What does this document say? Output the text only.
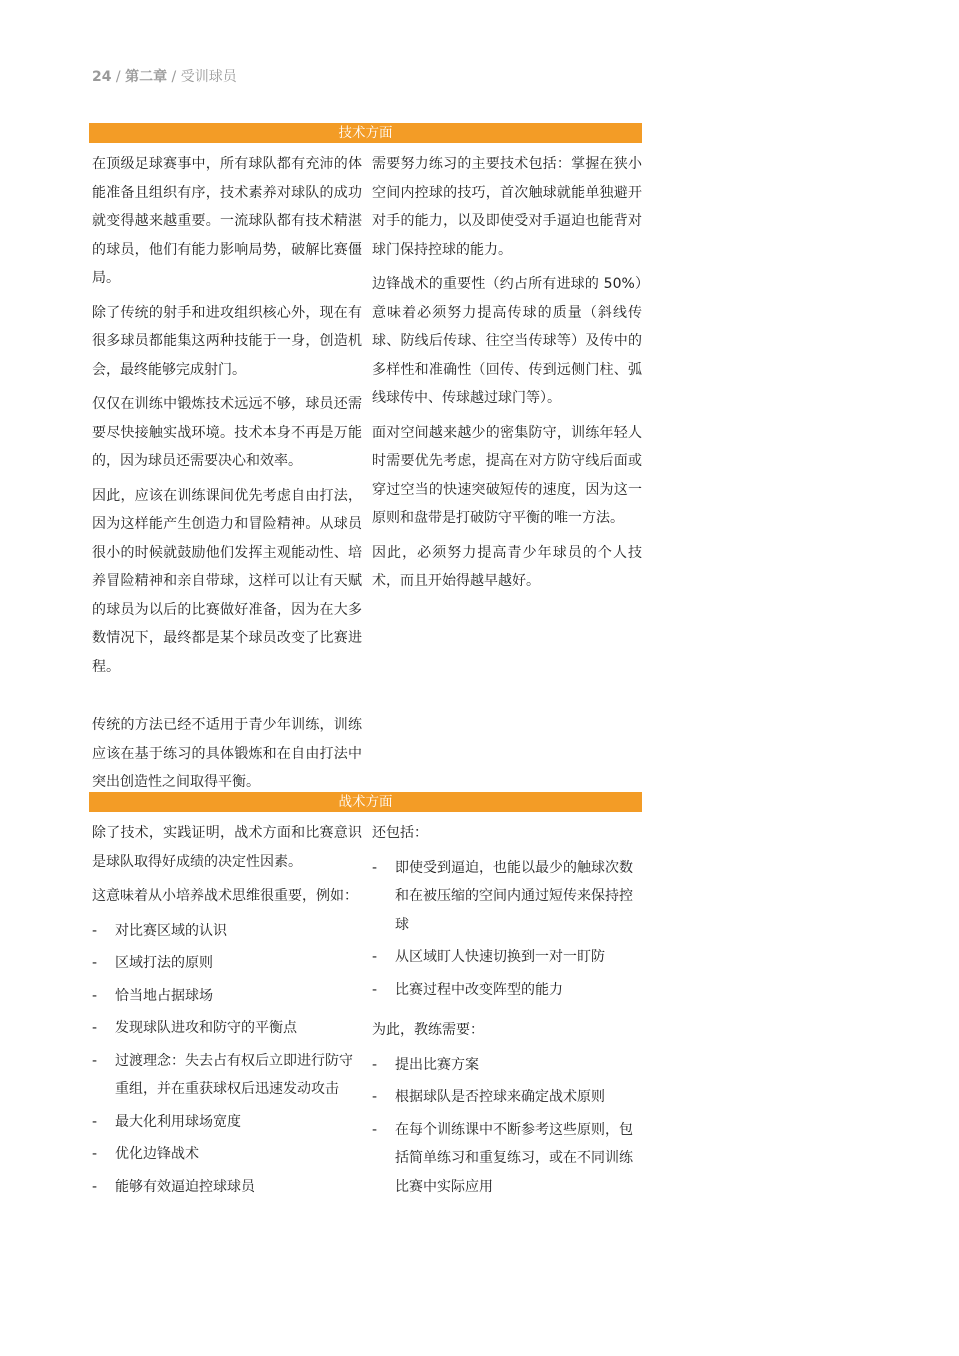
24 / 第二章 / 受训球员
技术方面

在顶级足球赛事中，所有球队都有充沛的体能准备且组织有序，技术素养对球队的成功就变得越来越重要。一流球队都有技术精湛的球员，他们有能力影响局势，破解比赛僵局。

除了传统的射手和进攻组织核心外，现在有很多球员都能集这两种技能于一身，创造机会，最终能够完成射门。

仅仅在训练中锻炼技术远远不够，球员还需要尽快接触实战环境。技术本身不再是万能的，因为球员还需要决心和效率。

因此，应该在训练课间优先考虑自由打法，因为这样能产生创造力和冒险精神。从球员很小的时候就鼓励他们发挥主观能动性、培养冒险精神和亲自带球，这样可以让有天赋的球员为以后的比赛做好准备，因为在大多数情况下，最终都是某个球员改变了比赛进程。

传统的方法已经不适用于青少年训练，训练应该在基于练习的具体锻炼和在自由打法中突出创造性之间取得平衡。

需要努力练习的主要技术包括：掌握在狭小空间内控球的技巧，首次触球就能单独避开对手的能力，以及即使受对手逼迫也能背对球门保持控球的能力。

边锋战术的重要性（约占所有进球的 50%）意味着必须努力提高传球的质量（斜线传球、防线后传球、往空当传球等）及传中的多样性和准确性（回传、传到远侧门柱、弧线球传中、传球越过球门等）。

面对空间越来越少的密集防守，训练年轻人时需要优先考虑，提高在对方防守线后面或穿过空当的快速突破短传的速度，因为这一原则和盘带是打破防守平衡的唯一方法。

因此，必须努力提高青少年球员的个人技术，而且开始得越早越好。

战术方面

除了技术，实践证明，战术方面和比赛意识是球队取得好成绩的决定性因素。

这意味着从小培养战术思维很重要，例如：

- 对比赛区域的认识
- 区域打法的原则
- 恰当地占据球场
- 发现球队进攻和防守的平衡点
- 过渡理念：失去占有权后立即进行防守重组，并在重获球权后迅速发动攻击
- 最大化利用球场宽度
- 优化边锋战术
- 能够有效逼迫控球球员

还包括：

- 即使受到逼迫，也能以最少的触球次数和在被压缩的空间内通过短传来保持控球
- 从区域盯人快速切换到一对一盯防
- 比赛过程中改变阵型的能力

为此，教练需要：

- 提出比赛方案
- 根据球队是否控球来确定战术原则
- 在每个训练课中不断参考这些原则，包括简单练习和重复练习，或在不同训练比赛中实际应用
